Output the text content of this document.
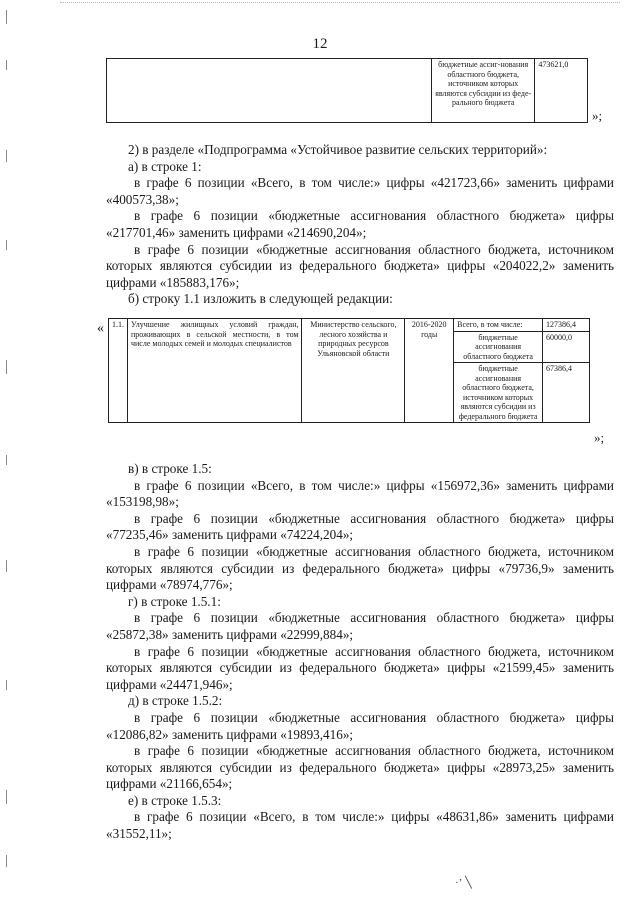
12
	бюджетные ассиг-нования областного бюджета, источником которых являются субсидии из феде-рального бюджета	473621,0
»;

2) в разделе «Подпрограмма «Устойчивое развитие сельских территорий»:

а) в строке 1:

в графе 6 позиции «Всего, в том числе:» цифры «421723,66» заменить цифрами «400573,38»;

в графе 6 позиции «бюджетные ассигнования областного бюджета» цифры «217701,46» заменить цифрами «214690,204»;

в графе 6 позиции «бюджетные ассигнования областного бюджета, источником которых являются субсидии из федерального бюджета» цифры «204022,2» заменить цифрами «185883,176»;

б) строку 1.1 изложить в следующей редакции:

« 1.1.	Улучшение жилищных условий граждан, проживающих в сельской местности, в том числе молодых семей и молодых специалистов	Министерство сельского, лесного хозяйства и природных ресурсов Ульяновской области	2016-2020 годы	Всего, в том числе:	127386,4
				бюджетные ассигнования областного бюджета	60000,0
				бюджетные ассигнования областного бюджета, источником которых являются субсидии из федерального бюджета	67386,4
»;

в) в строке 1.5:

в графе 6 позиции «Всего, в том числе:» цифры «156972,36» заменить цифрами «153198,98»;

в графе 6 позиции «бюджетные ассигнования областного бюджета» цифры «77235,46» заменить цифрами «74224,204»;

в графе 6 позиции «бюджетные ассигнования областного бюджета, источником которых являются субсидии из федерального бюджета» цифры «79736,9» заменить цифрами «78974,776»;

г) в строке 1.5.1:

в графе 6 позиции «бюджетные ассигнования областного бюджета» цифры «25872,38» заменить цифрами «22999,884»;

в графе 6 позиции «бюджетные ассигнования областного бюджета, источником которых являются субсидии из федерального бюджета» цифры «21599,45» заменить цифрами «24471,946»;

д) в строке 1.5.2:

в графе 6 позиции «бюджетные ассигнования областного бюджета» цифры «12086,82» заменить цифрами «19893,416»;

в графе 6 позиции «бюджетные ассигнования областного бюджета, источником которых являются субсидии из федерального бюджета» цифры «28973,25» заменить цифрами «21166,654»;

е) в строке 1.5.3:

в графе 6 позиции «Всего, в том числе:» цифры «48631,86» заменить цифрами «31552,11»;

·ʼ ╲
